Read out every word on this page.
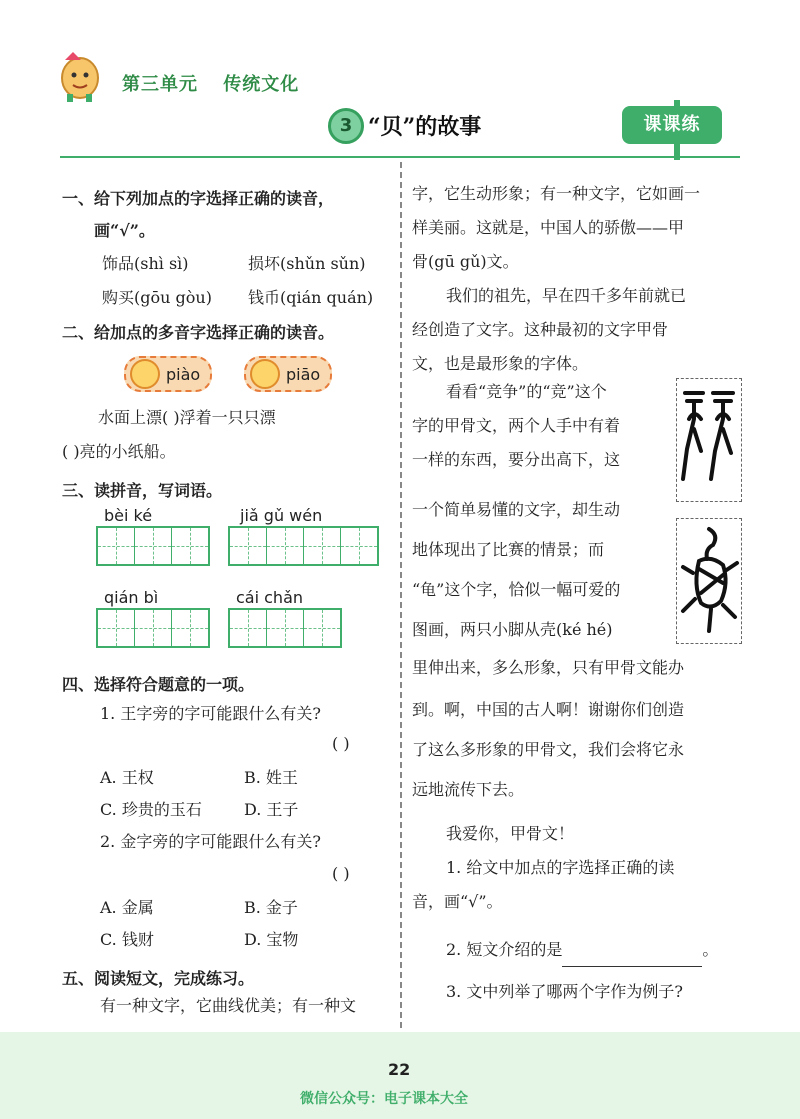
第三单元 传统文化
3 “贝”的故事	课课练
一、给下列加点的字选择正确的读音，
画“√”。
饰品(shì sì)	损坏(shǔn sǔn)
购买(gōu gòu) 钱币(qián quán)
二、给加点的多音字选择正确的读音。
piào	piāo
水面上漂( )浮着一只只漂
( )亮的小纸船。
三、读拼音，写词语。
bèi ké	jiǎ gǔ wén
qián bì	cái chǎn
四、选择符合题意的一项。
1. 王字旁的字可能跟什么有关?
( )
A. 王权	B. 姓王
C. 珍贵的玉石	D. 王子
2. 金字旁的字可能跟什么有关?
( )
A. 金属	B. 金子
C. 钱财	D. 宝物
五、阅读短文，完成练习。
有一种文字，它曲线优美；有一种文
字，它生动形象；有一种文字，它如画一
样美丽。这就是，中国人的骄傲——甲
骨(gū gǔ)文。
我们的祖先，早在四千多年前就已
经创造了文字。这种最初的文字甲骨
文，也是最形象的字体。
看看“竞争”的“竞”这个
字的甲骨文，两个人手中有着
一样的东西，要分出高下，这
一个简单易懂的文字，却生动
地体现出了比赛的情景；而
“龟”这个字，恰似一幅可爱的
图画，两只小脚从壳(ké hé)
里伸出来，多么形象，只有甲骨文能办
到。啊，中国的古人啊！谢谢你们创造
了这么多形象的甲骨文，我们会将它永
远地流传下去。
我爱你，甲骨文！
1. 给文中加点的字选择正确的读
音，画“√”。
2. 短文介绍的是	。
3. 文中列举了哪两个字作为例子?
22
微信公众号：电子课本大全
